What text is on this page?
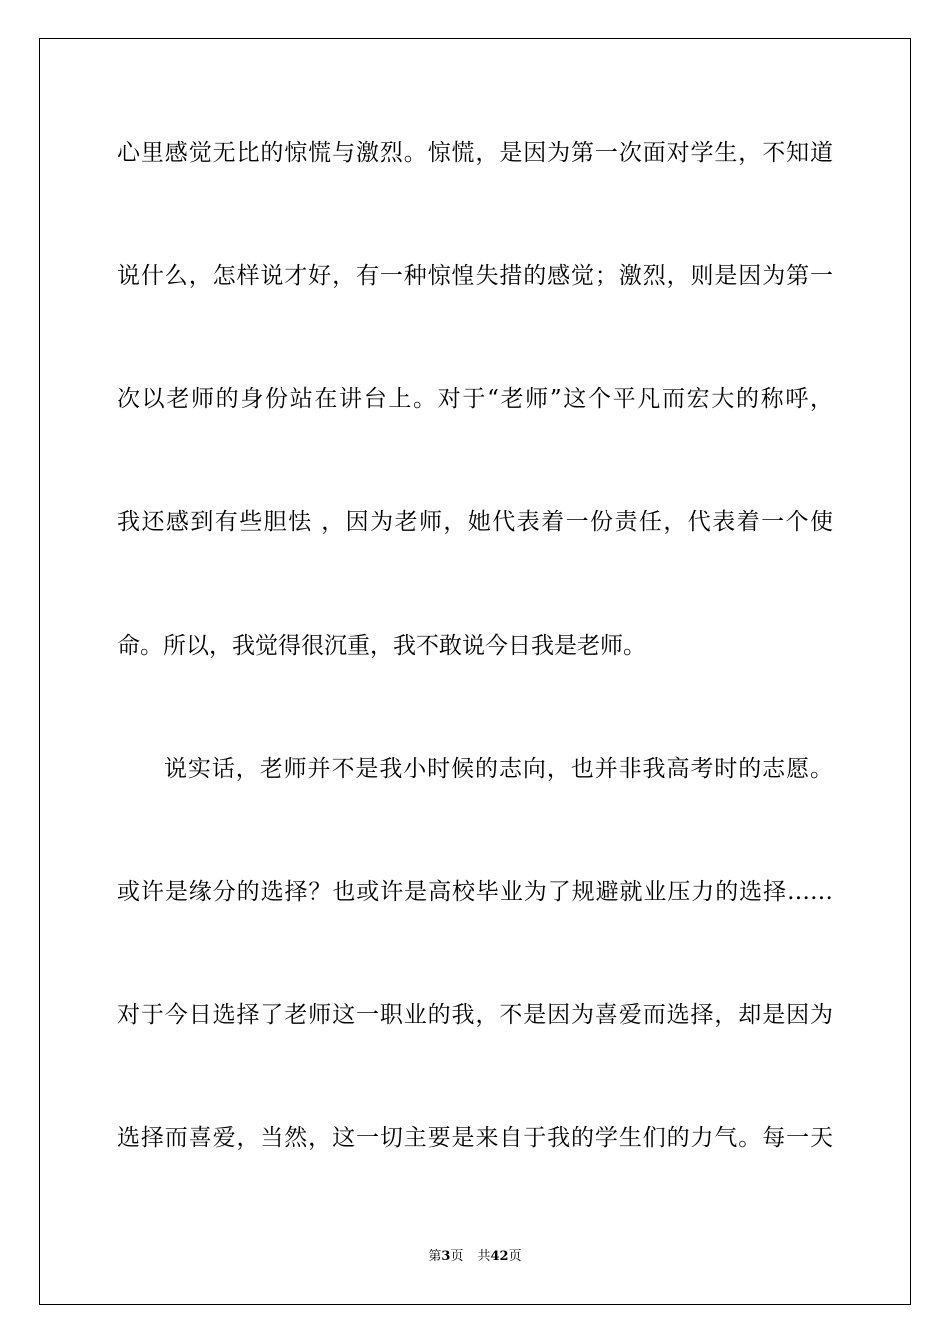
心里感觉无比的惊慌与激烈。惊慌，是因为第一次面对学生，不知道
说什么，怎样说才好，有一种惊惶失措的感觉；激烈，则是因为第一
次以老师的身份站在讲台上。对于“老师”这个平凡而宏大的称呼，
我还感到有些胆怯 ，因为老师，她代表着一份责任，代表着一个使
命。所以，我觉得很沉重，我不敢说今日我是老师。
说实话，老师并不是我小时候的志向，也并非我高考时的志愿。
或许是缘分的选择？也或许是高校毕业为了规避就业压力的选择……
对于今日选择了老师这一职业的我，不是因为喜爱而选择，却是因为
选择而喜爱，当然，这一切主要是来自于我的学生们的力气。每一天
第3页 共42页
